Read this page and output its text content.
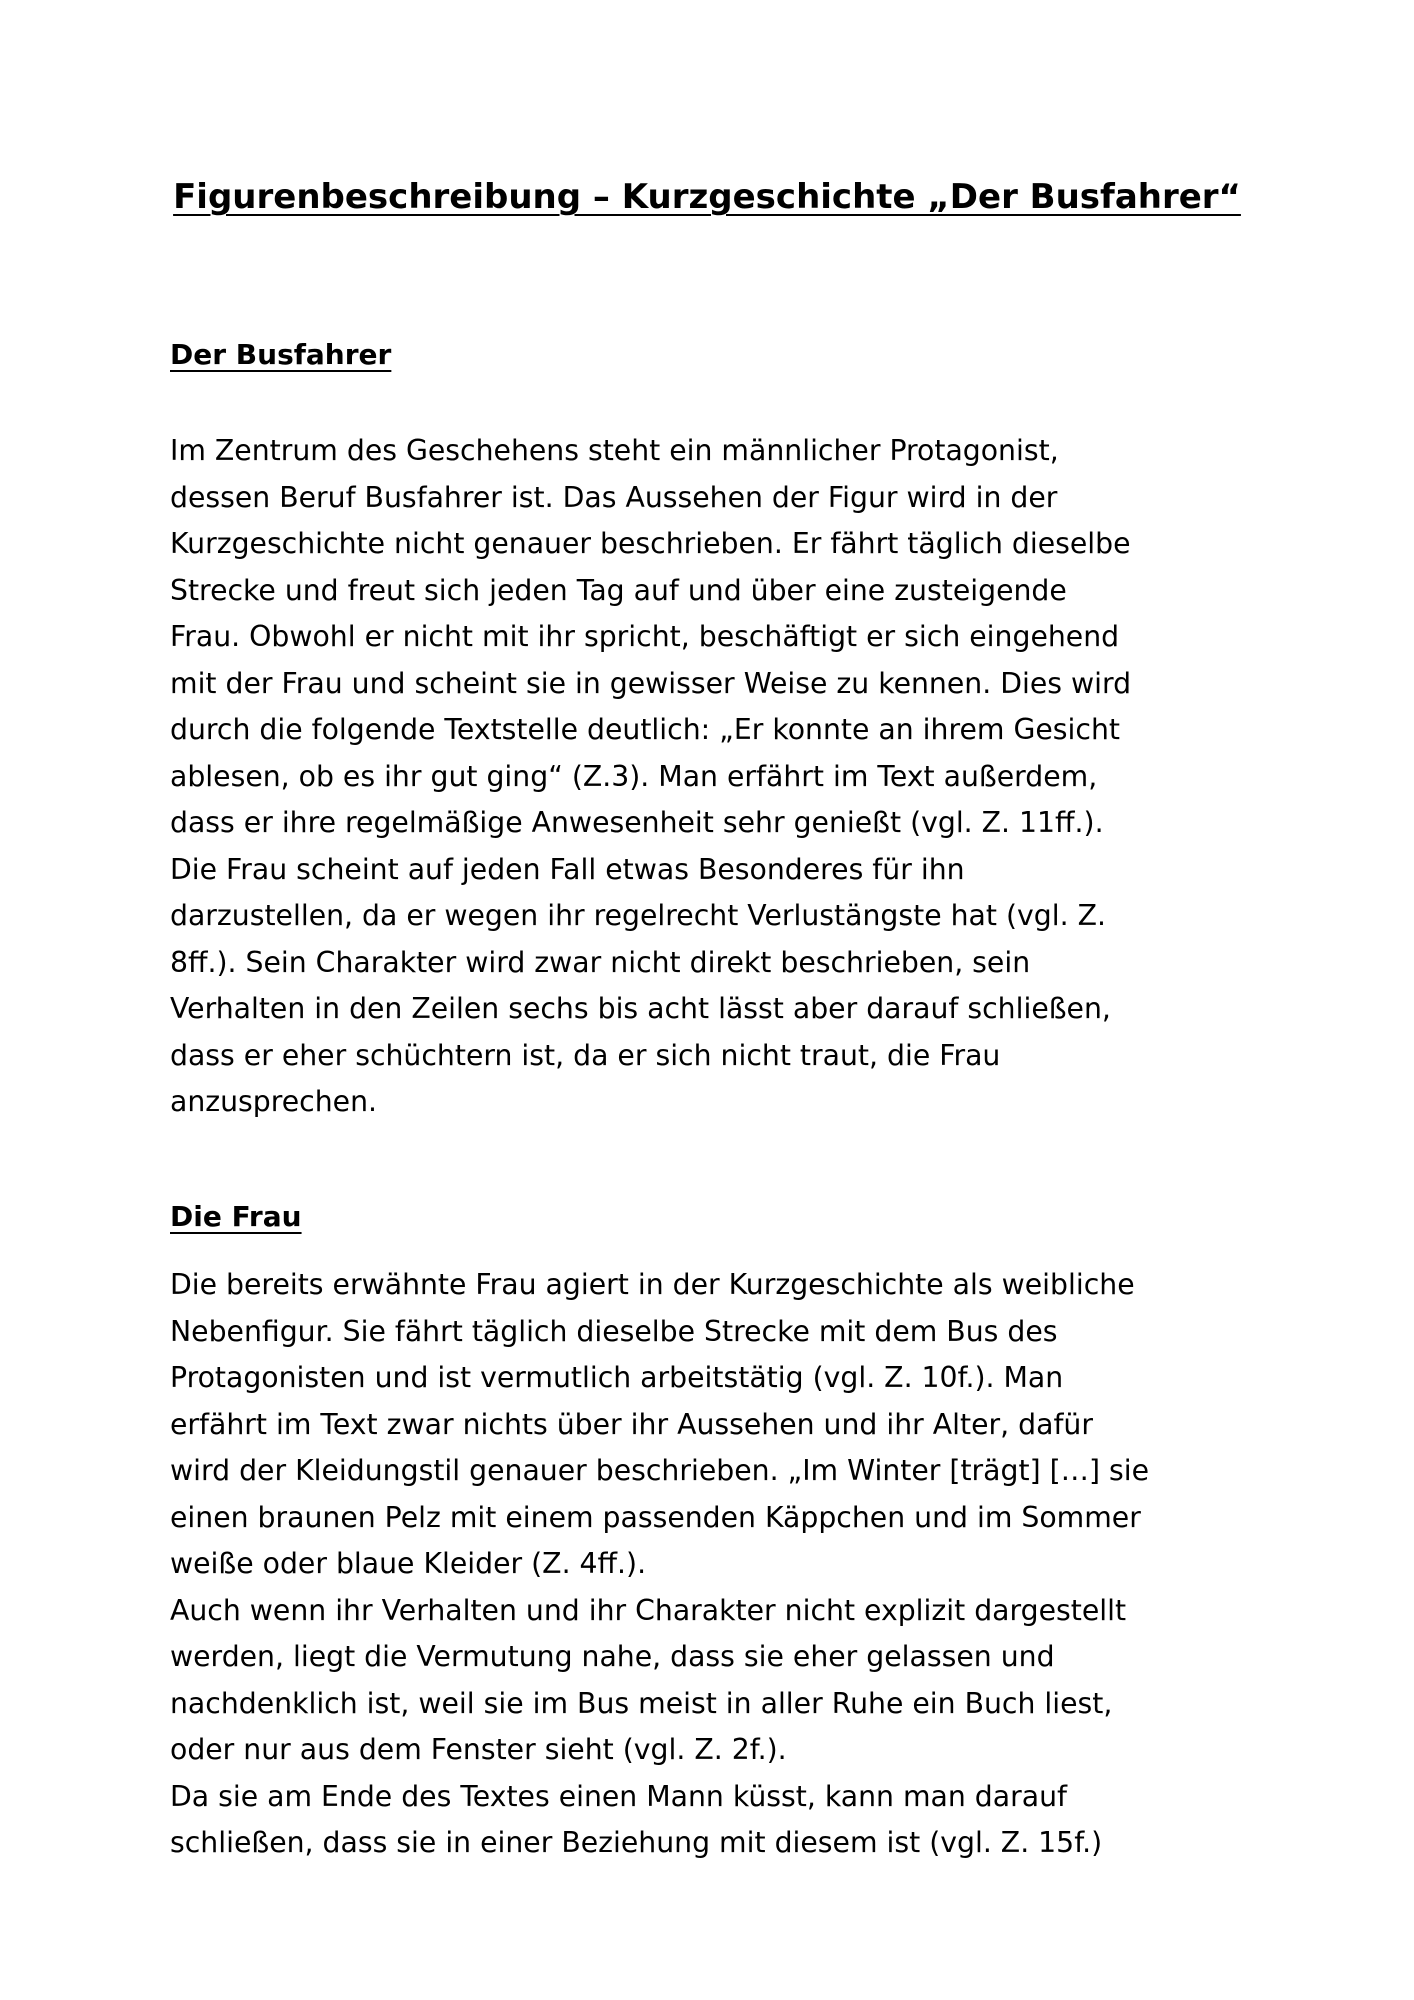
Figurenbeschreibung – Kurzgeschichte „Der Busfahrer“
Der Busfahrer

Im Zentrum des Geschehens steht ein männlicher Protagonist,
dessen Beruf Busfahrer ist. Das Aussehen der Figur wird in der
Kurzgeschichte nicht genauer beschrieben. Er fährt täglich dieselbe
Strecke und freut sich jeden Tag auf und über eine zusteigende
Frau. Obwohl er nicht mit ihr spricht, beschäftigt er sich eingehend
mit der Frau und scheint sie in gewisser Weise zu kennen. Dies wird
durch die folgende Textstelle deutlich: „Er konnte an ihrem Gesicht
ablesen, ob es ihr gut ging“ (Z.3). Man erfährt im Text außerdem,
dass er ihre regelmäßige Anwesenheit sehr genießt (vgl. Z. 11ff.).
Die Frau scheint auf jeden Fall etwas Besonderes für ihn
darzustellen, da er wegen ihr regelrecht Verlustängste hat (vgl. Z.
8ff.). Sein Charakter wird zwar nicht direkt beschrieben, sein
Verhalten in den Zeilen sechs bis acht lässt aber darauf schließen,
dass er eher schüchtern ist, da er sich nicht traut, die Frau
anzusprechen.

Die Frau

Die bereits erwähnte Frau agiert in der Kurzgeschichte als weibliche
Nebenfigur. Sie fährt täglich dieselbe Strecke mit dem Bus des
Protagonisten und ist vermutlich arbeitstätig (vgl. Z. 10f.). Man
erfährt im Text zwar nichts über ihr Aussehen und ihr Alter, dafür
wird der Kleidungstil genauer beschrieben. „Im Winter [trägt] […] sie
einen braunen Pelz mit einem passenden Käppchen und im Sommer
weiße oder blaue Kleider (Z. 4ff.).
Auch wenn ihr Verhalten und ihr Charakter nicht explizit dargestellt
werden, liegt die Vermutung nahe, dass sie eher gelassen und
nachdenklich ist, weil sie im Bus meist in aller Ruhe ein Buch liest,
oder nur aus dem Fenster sieht (vgl. Z. 2f.).
Da sie am Ende des Textes einen Mann küsst, kann man darauf
schließen, dass sie in einer Beziehung mit diesem ist (vgl. Z. 15f.)
